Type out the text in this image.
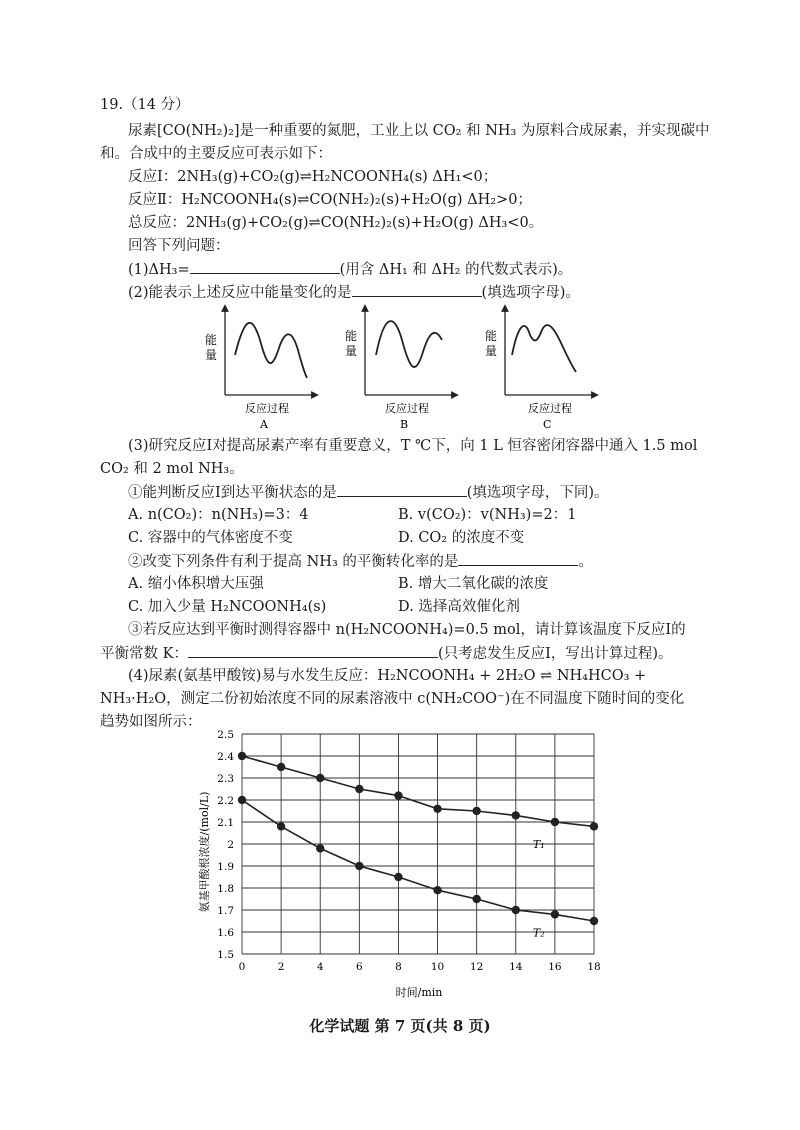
19.（14 分）
尿素[CO(NH₂)₂]是一种重要的氮肥，工业上以 CO₂ 和 NH₃ 为原料合成尿素，并实现碳中
和。合成中的主要反应可表示如下：
反应Ⅰ：2NH₃(g)+CO₂(g)⇌H₂NCOONH₄(s) ΔH₁<0；
反应Ⅱ：H₂NCOONH₄(s)⇌CO(NH₂)₂(s)+H₂O(g) ΔH₂>0；
总反应：2NH₃(g)+CO₂(g)⇌CO(NH₂)₂(s)+H₂O(g) ΔH₃<0。
回答下列问题：
(1)ΔH₃=	(用含 ΔH₁ 和 ΔH₂ 的代数式表示)。
(2)能表示上述反应中能量变化的是	(填选项字母)。
能
量
反应过程
A
能
量
反应过程
B
能
量
反应过程
C
(3)研究反应Ⅰ对提高尿素产率有重要意义，T ℃下，向 1 L 恒容密闭容器中通入 1.5 mol
CO₂ 和 2 mol NH₃。
①能判断反应Ⅰ到达平衡状态的是	(填选项字母，下同)。
A. n(CO₂)：n(NH₃)=3：4	B. v(CO₂)：v(NH₃)=2：1
C. 容器中的气体密度不变	D. CO₂ 的浓度不变
②改变下列条件有利于提高 NH₃ 的平衡转化率的是	。
A. 缩小体积增大压强	B. 增大二氧化碳的浓度
C. 加入少量 H₂NCOONH₄(s)	D. 选择高效催化剂
③若反应达到平衡时测得容器中 n(H₂NCOONH₄)=0.5 mol，请计算该温度下反应Ⅰ的
平衡常数 K：	(只考虑发生反应Ⅰ，写出计算过程)。
(4)尿素(氨基甲酸铵)易与水发生反应：H₂NCOONH₄ + 2H₂O ⇌ NH₄HCO₃ +
NH₃·H₂O，测定二份初始浓度不同的尿素溶液中 c(NH₂COO⁻)在不同温度下随时间的变化
趋势如图所示：
1.5
1.6
1.7
1.8
1.9
2
2.1
2.2
2.3
2.4
2.5
0	2	4	6	8	10 12 14 16 18
T₁
T₂
时间/min
氨基甲酸根浓度/(mol/L)
化学试题 第 7 页(共 8 页)
